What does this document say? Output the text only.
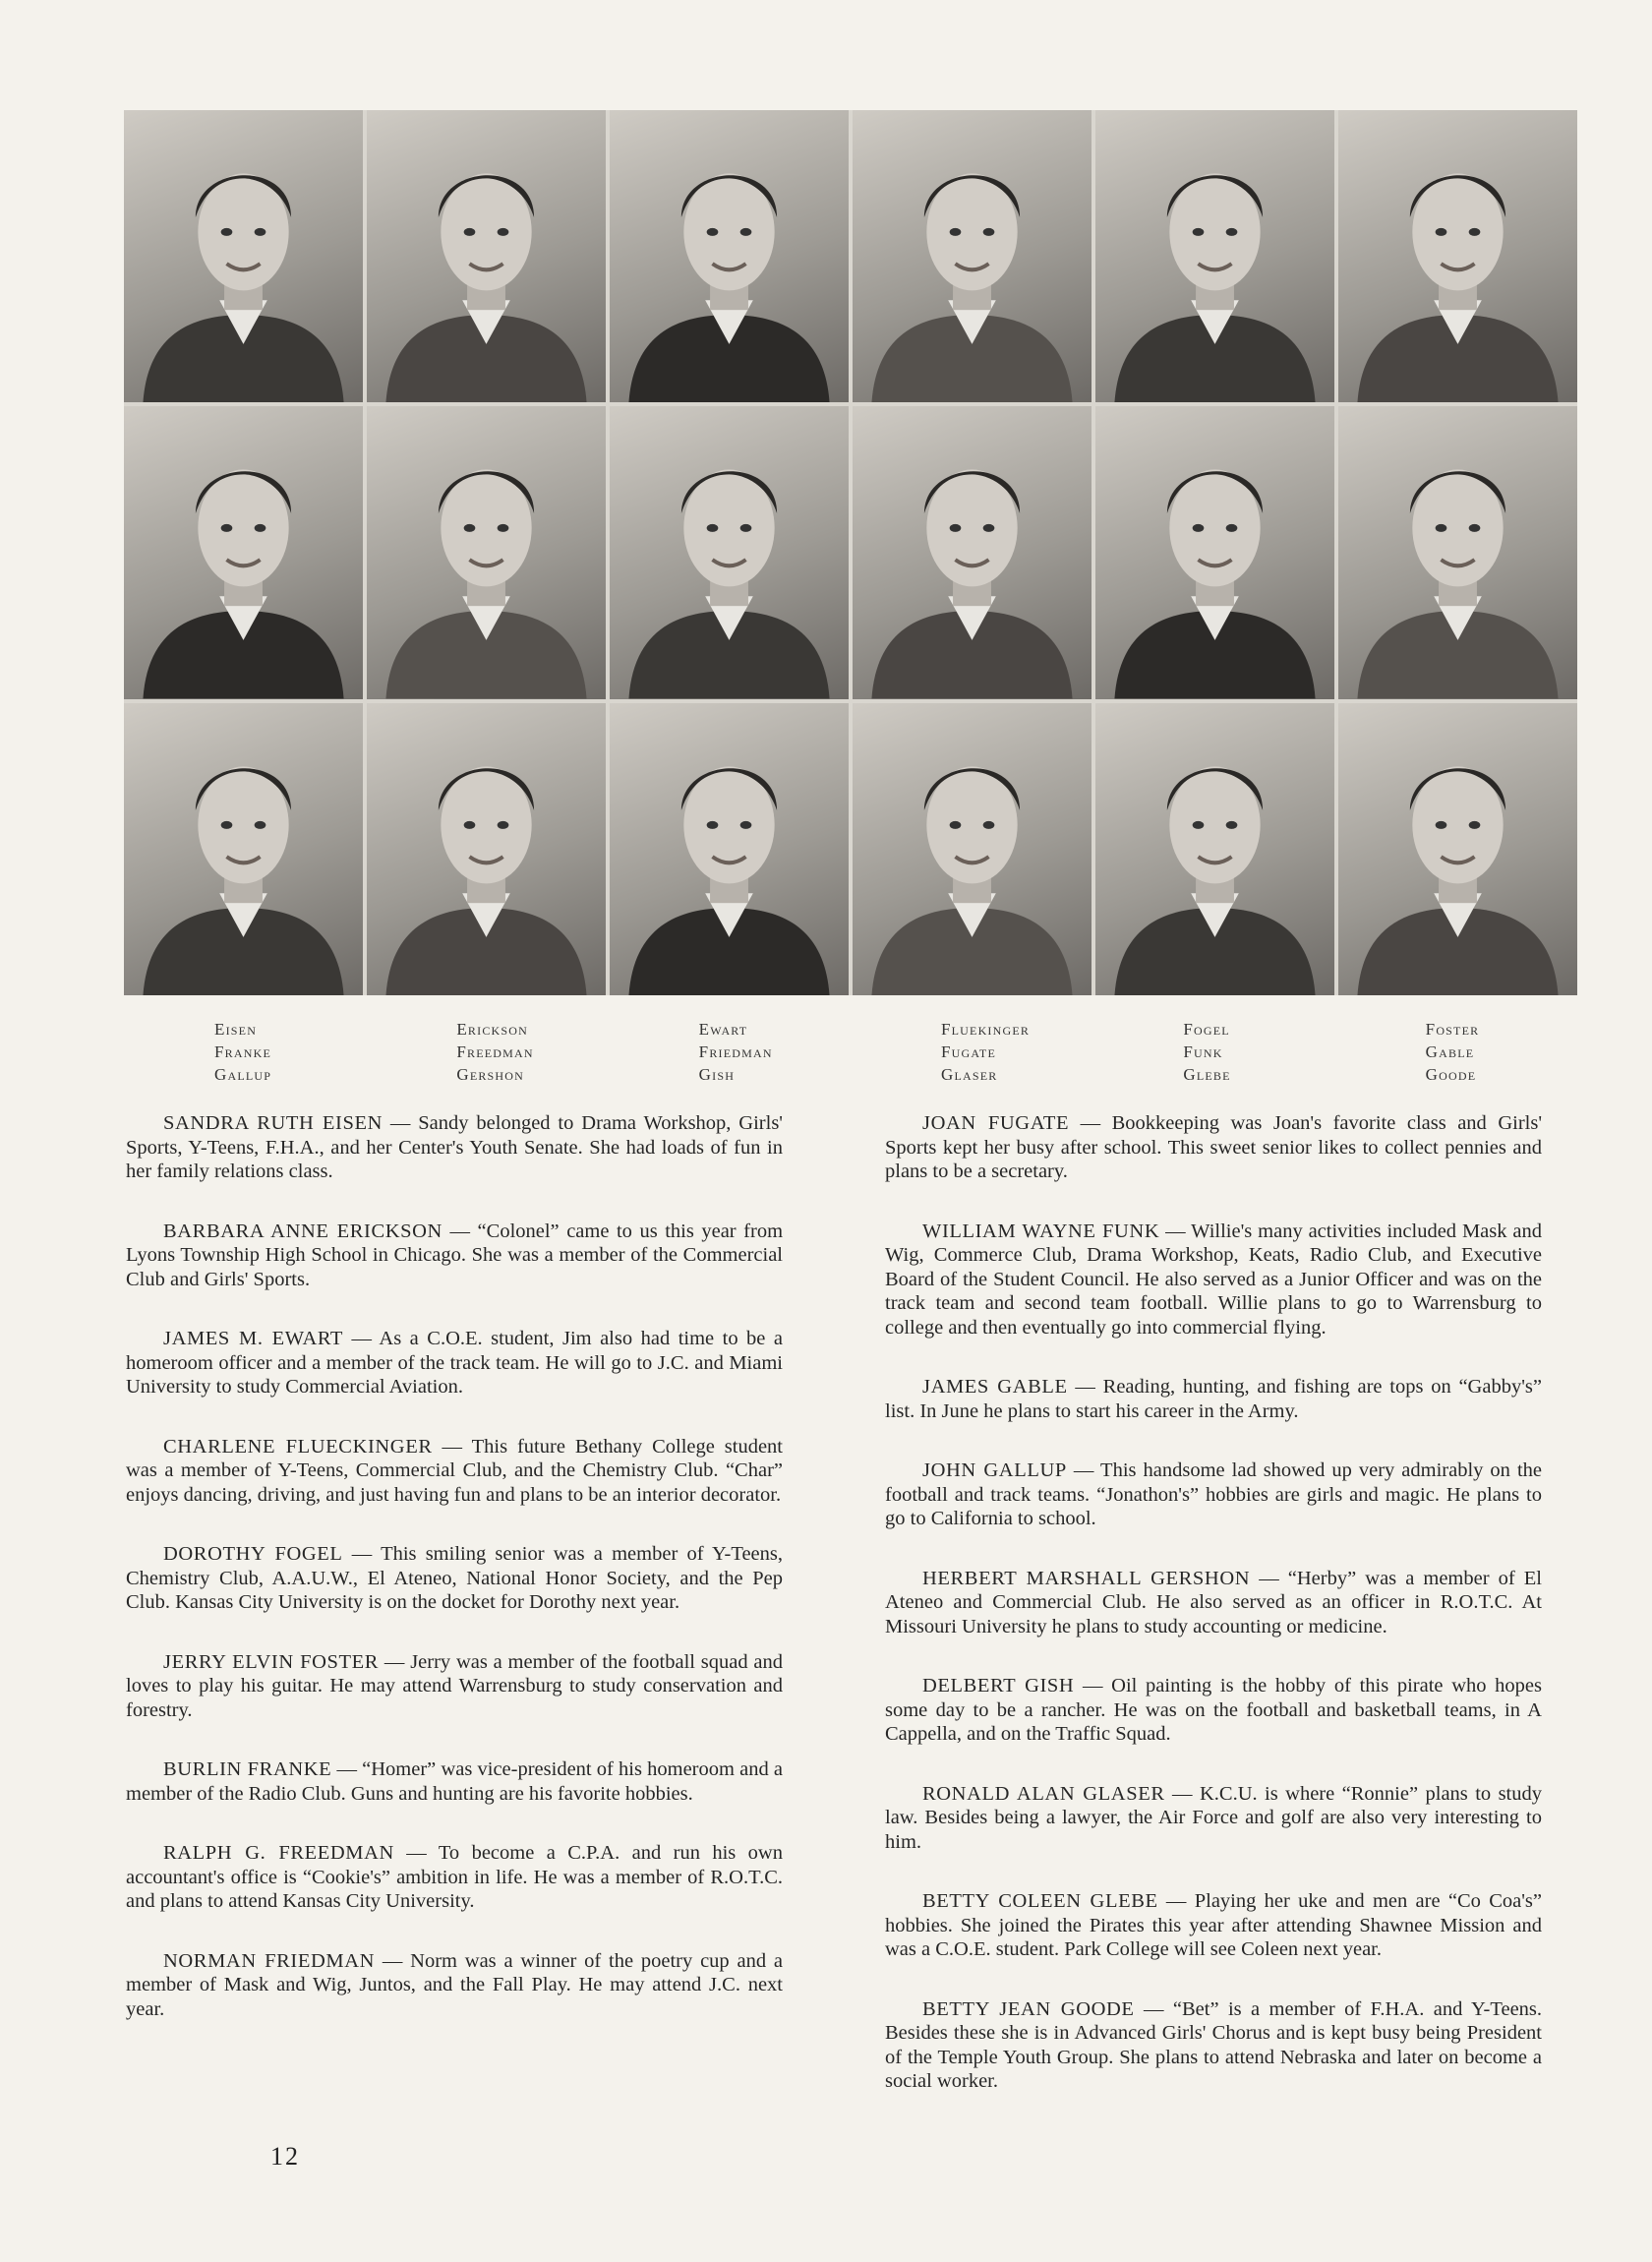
Eisen
Franke
Gallup
Erickson
Freedman
Gershon
Ewart
Friedman
Gish
Fluekinger
Fugate
Glaser
Fogel
Funk
Glebe
Foster
Gable
Goode

SANDRA RUTH EISEN — Sandy belonged to Drama Workshop, Girls' Sports, Y-Teens, F.H.A., and her Center's Youth Senate. She had loads of fun in her family relations class.

BARBARA ANNE ERICKSON — “Colonel” came to us this year from Lyons Township High School in Chicago. She was a member of the Commercial Club and Girls' Sports.

JAMES M. EWART — As a C.O.E. student, Jim also had time to be a homeroom officer and a member of the track team. He will go to J.C. and Miami University to study Commercial Aviation.

CHARLENE FLUECKINGER — This future Bethany College student was a member of Y-Teens, Commercial Club, and the Chemistry Club. “Char” enjoys dancing, driving, and just having fun and plans to be an interior decorator.

DOROTHY FOGEL — This smiling senior was a member of Y-Teens, Chemistry Club, A.A.U.W., El Ateneo, National Honor Society, and the Pep Club. Kansas City University is on the docket for Dorothy next year.

JERRY ELVIN FOSTER — Jerry was a member of the football squad and loves to play his guitar. He may attend Warrensburg to study conservation and forestry.

BURLIN FRANKE — “Homer” was vice-president of his homeroom and a member of the Radio Club. Guns and hunting are his favorite hobbies.

RALPH G. FREEDMAN — To become a C.P.A. and run his own accountant's office is “Cookie's” ambition in life. He was a member of R.O.T.C. and plans to attend Kansas City University.

NORMAN FRIEDMAN — Norm was a winner of the poetry cup and a member of Mask and Wig, Juntos, and the Fall Play. He may attend J.C. next year.

JOAN FUGATE — Bookkeeping was Joan's favorite class and Girls' Sports kept her busy after school. This sweet senior likes to collect pennies and plans to be a secretary.

WILLIAM WAYNE FUNK — Willie's many activities included Mask and Wig, Commerce Club, Drama Workshop, Keats, Radio Club, and Executive Board of the Student Council. He also served as a Junior Officer and was on the track team and second team football. Willie plans to go to Warrensburg to college and then eventually go into commercial flying.

JAMES GABLE — Reading, hunting, and fishing are tops on “Gabby's” list. In June he plans to start his career in the Army.

JOHN GALLUP — This handsome lad showed up very admirably on the football and track teams. “Jonathon's” hobbies are girls and magic. He plans to go to California to school.

HERBERT MARSHALL GERSHON — “Herby” was a member of El Ateneo and Commercial Club. He also served as an officer in R.O.T.C. At Missouri University he plans to study accounting or medicine.

DELBERT GISH — Oil painting is the hobby of this pirate who hopes some day to be a rancher. He was on the football and basketball teams, in A Cappella, and on the Traffic Squad.

RONALD ALAN GLASER — K.C.U. is where “Ronnie” plans to study law. Besides being a lawyer, the Air Force and golf are also very interesting to him.

BETTY COLEEN GLEBE — Playing her uke and men are “Co Coa's” hobbies. She joined the Pirates this year after attending Shawnee Mission and was a C.O.E. student. Park College will see Coleen next year.

BETTY JEAN GOODE — “Bet” is a member of F.H.A. and Y-Teens. Besides these she is in Advanced Girls' Chorus and is kept busy being President of the Temple Youth Group. She plans to attend Nebraska and later on become a social worker.

12
